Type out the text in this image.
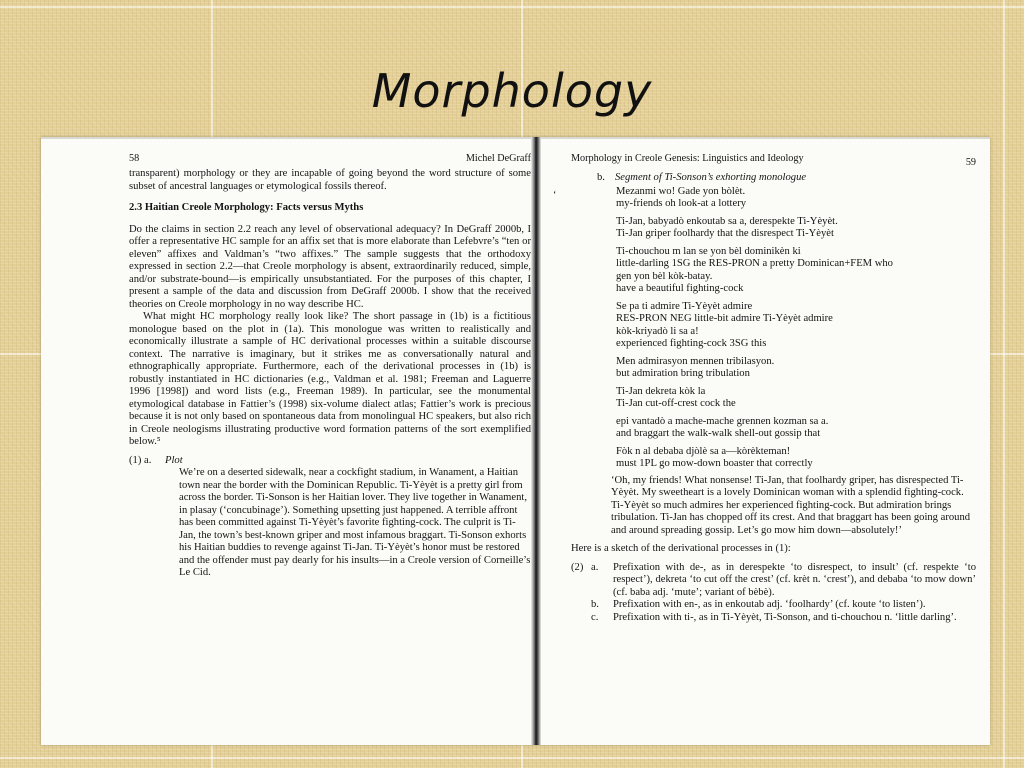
Morphology
58	Michel DeGraff

transparent) morphology or they are incapable of going beyond the word structure of some subset of ancestral languages or etymological fossils thereof.

2.3 Haitian Creole Morphology: Facts versus Myths

Do the claims in section 2.2 reach any level of observational adequacy? In DeGraff 2000b, I offer a representative HC sample for an affix set that is more elaborate than Lefebvre’s “ten or eleven” affixes and Valdman’s “two affixes.” The sample suggests that the orthodoxy expressed in section 2.2—that Creole morphology is absent, extraordinarily reduced, simple, and/or substrate-bound—is empirically unsubstantiated. For the purposes of this chapter, I present a sample of the data and discussion from DeGraff 2000b. I show that the received theories on Creole morphology in no way describe HC.

What might HC morphology really look like? The short passage in (1b) is a fictitious monologue based on the plot in (1a). This monologue was written to realistically and economically illustrate a sample of HC derivational processes within a suitable discourse context. The narrative is imaginary, but it strikes me as conversationally natural and ethnographically appropriate. Furthermore, each of the derivational processes in (1b) is robustly instantiated in HC dictionaries (e.g., Valdman et al. 1981; Freeman and Laguerre 1996 [1998]) and word lists (e.g., Freeman 1989). In particular, see the monumental etymological database in Fattier’s (1998) six-volume dialect atlas; Fattier’s work is precious because it is not only based on spontaneous data from monolingual HC speakers, but also rich in Creole neologisms illustrating productive word formation patterns of the sort exemplified below.⁵

(1) a.	Plot

We’re on a deserted sidewalk, near a cockfight stadium, in Wanament, a Haitian town near the border with the Dominican Republic. Ti-Yèyèt is a pretty girl from across the border. Ti-Sonson is her Haitian lover. They live together in Wanament, in plasay (‘concubinage’). Something upsetting just happened. A terrible affront has been committed against Ti-Yèyèt’s favorite fighting-cock. The culprit is Ti-Jan, the town’s best-known griper and most infamous braggart. Ti-Sonson exhorts his Haitian buddies to revenge against Ti-Jan. Ti-Yèyèt’s honor must be restored and the offender must pay dearly for his insults—in a Creole version of Corneille’s Le Cid.

Morphology in Creole Genesis: Linguistics and Ideology	59
b.
‘
Segment of Ti-Sonson’s exhorting monologue
Mezanmi wo! Gade yon bòlèt.
my-friends oh look-at a lottery
Ti-Jan, babyadò enkoutab sa a, derespekte Ti-Yèyèt.
Ti-Jan griper foolhardy that the disrespect Ti-Yèyèt
Ti-chouchou m lan se yon bèl dominikèn ki
little-darling 1SG the RES-PRON a pretty Dominican+FEM who
gen yon bèl kòk-batay.
have a beautiful fighting-cock
Se pa ti admire Ti-Yèyèt admire
RES-PRON NEG little-bit admire Ti-Yèyèt admire
kòk-kriyadò li sa a!
experienced fighting-cock 3SG this
Men admirasyon mennen tribilasyon.
but admiration bring tribulation
Ti-Jan dekreta kòk la
Ti-Jan cut-off-crest cock the
epi vantadò a mache-mache grennen kozman sa a.
and braggart the walk-walk shell-out gossip that
Fòk n al debaba djòlè sa a—kòrèkteman!
must 1PL go mow-down boaster that correctly

‘Oh, my friends! What nonsense! Ti-Jan, that foolhardy griper, has disrespected Ti-Yèyèt. My sweetheart is a lovely Dominican woman with a splendid fighting-cock. Ti-Yèyèt so much admires her experienced fighting-cock. But admiration brings tribulation. Ti-Jan has chopped off its crest. And that braggart has been going around and around spreading gossip. Let’s go mow him down—absolutely!’

Here is a sketch of the derivational processes in (1):

(2) a.	Prefixation with de-, as in derespekte ‘to disrespect, to insult’ (cf. respekte ‘to respect’), dekreta ‘to cut off the crest’ (cf. krèt n. ‘crest’), and debaba ‘to mow down’ (cf. baba adj. ‘mute’; variant of bèbè).

b.	Prefixation with en-, as in enkoutab adj. ‘foolhardy’ (cf. koute ‘to listen’).

c.	Prefixation with ti-, as in Ti-Yèyèt, Ti-Sonson, and ti-chouchou n. ‘little darling’.
